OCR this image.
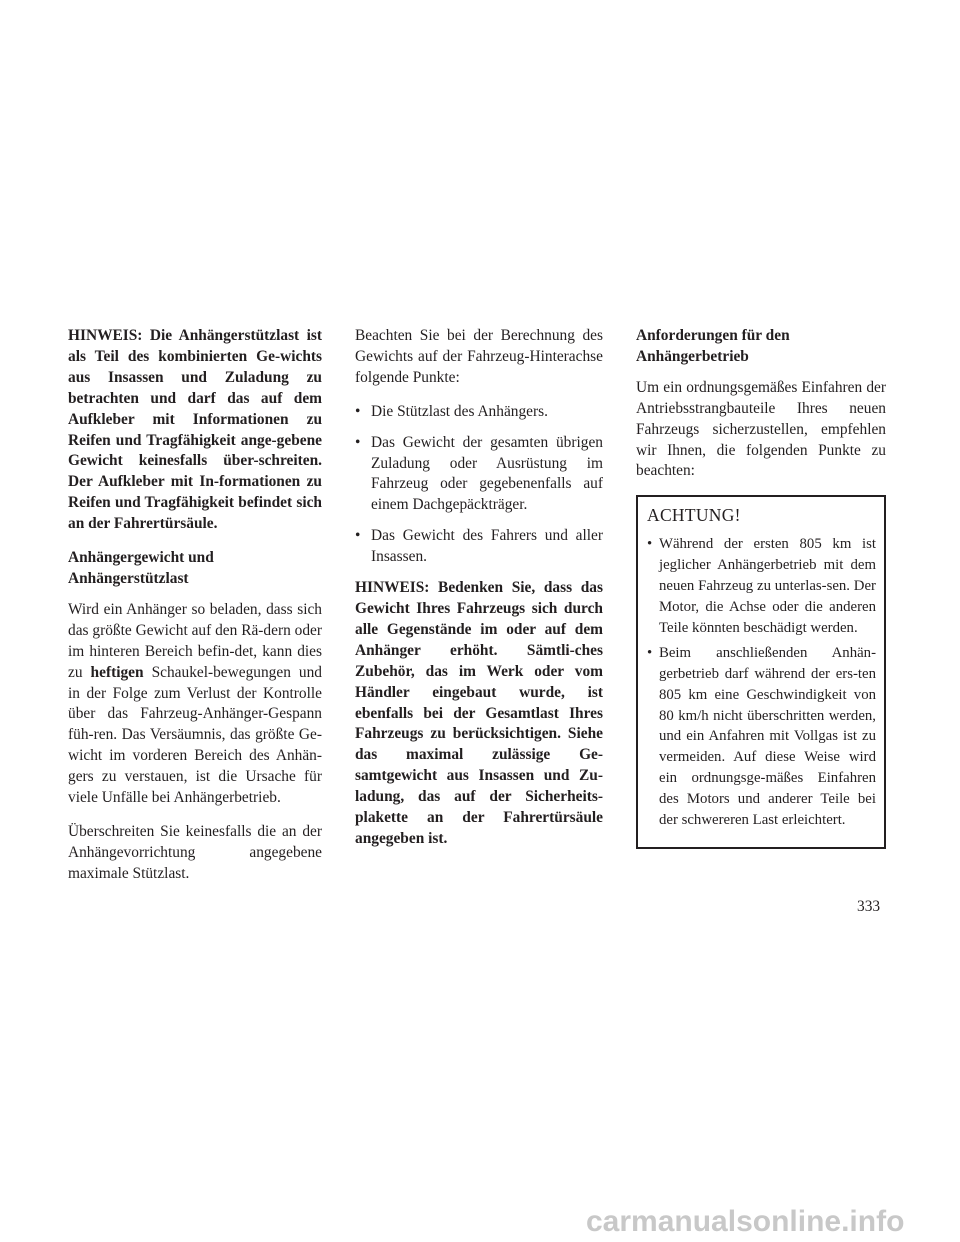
HINWEIS: Die Anhängerstützlast ist als Teil des kombinierten Ge-wichts aus Insassen und Zuladung zu betrachten und darf das auf dem Aufkleber mit Informationen zu Reifen und Tragfähigkeit ange-gebene Gewicht keinesfalls über-schreiten. Der Aufkleber mit In-formationen zu Reifen und Tragfähigkeit befindet sich an der Fahrertürsäule.

Anhängergewicht und Anhängerstützlast

Wird ein Anhänger so beladen, dass sich das größte Gewicht auf den Rä-dern oder im hinteren Bereich befin-det, kann dies zu heftigen Schaukel-bewegungen und in der Folge zum Verlust der Kontrolle über das Fahrzeug-Anhänger-Gespann füh-ren. Das Versäumnis, das größte Ge-wicht im vorderen Bereich des Anhän-gers zu verstauen, ist die Ursache für viele Unfälle bei Anhängerbetrieb.

Überschreiten Sie keinesfalls die an der Anhängevorrichtung angegebene maximale Stützlast.

Beachten Sie bei der Berechnung des Gewichts auf der Fahrzeug-Hinterachse folgende Punkte:

• Die Stützlast des Anhängers.
• Das Gewicht der gesamten übrigen Zuladung oder Ausrüstung im Fahrzeug oder gegebenenfalls auf einem Dachgepäckträger.
• Das Gewicht des Fahrers und aller Insassen.

HINWEIS: Bedenken Sie, dass das Gewicht Ihres Fahrzeugs sich durch alle Gegenstände im oder auf dem Anhänger erhöht. Sämtli-ches Zubehör, das im Werk oder vom Händler eingebaut wurde, ist ebenfalls bei der Gesamtlast Ihres Fahrzeugs zu berücksichtigen. Siehe das maximal zulässige Ge-samtgewicht aus Insassen und Zu-ladung, das auf der Sicherheits-plakette an der Fahrertürsäule angegeben ist.

Anforderungen für den Anhängerbetrieb

Um ein ordnungsgemäßes Einfahren der Antriebsstrangbauteile Ihres neuen Fahrzeugs sicherzustellen, empfehlen wir Ihnen, die folgenden Punkte zu beachten:

ACHTUNG!
• Während der ersten 805 km ist jeglicher Anhängerbetrieb mit dem neuen Fahrzeug zu unterlas-sen. Der Motor, die Achse oder die anderen Teile könnten beschädigt werden.
• Beim anschließenden Anhän-gerbetrieb darf während der ers-ten 805 km eine Geschwindigkeit von 80 km/h nicht überschritten werden, und ein Anfahren mit Vollgas ist zu vermeiden. Auf diese Weise wird ein ordnungsge-mäßes Einfahren des Motors und anderer Teile bei der schwereren Last erleichtert.
333
carmanualsonline.info
